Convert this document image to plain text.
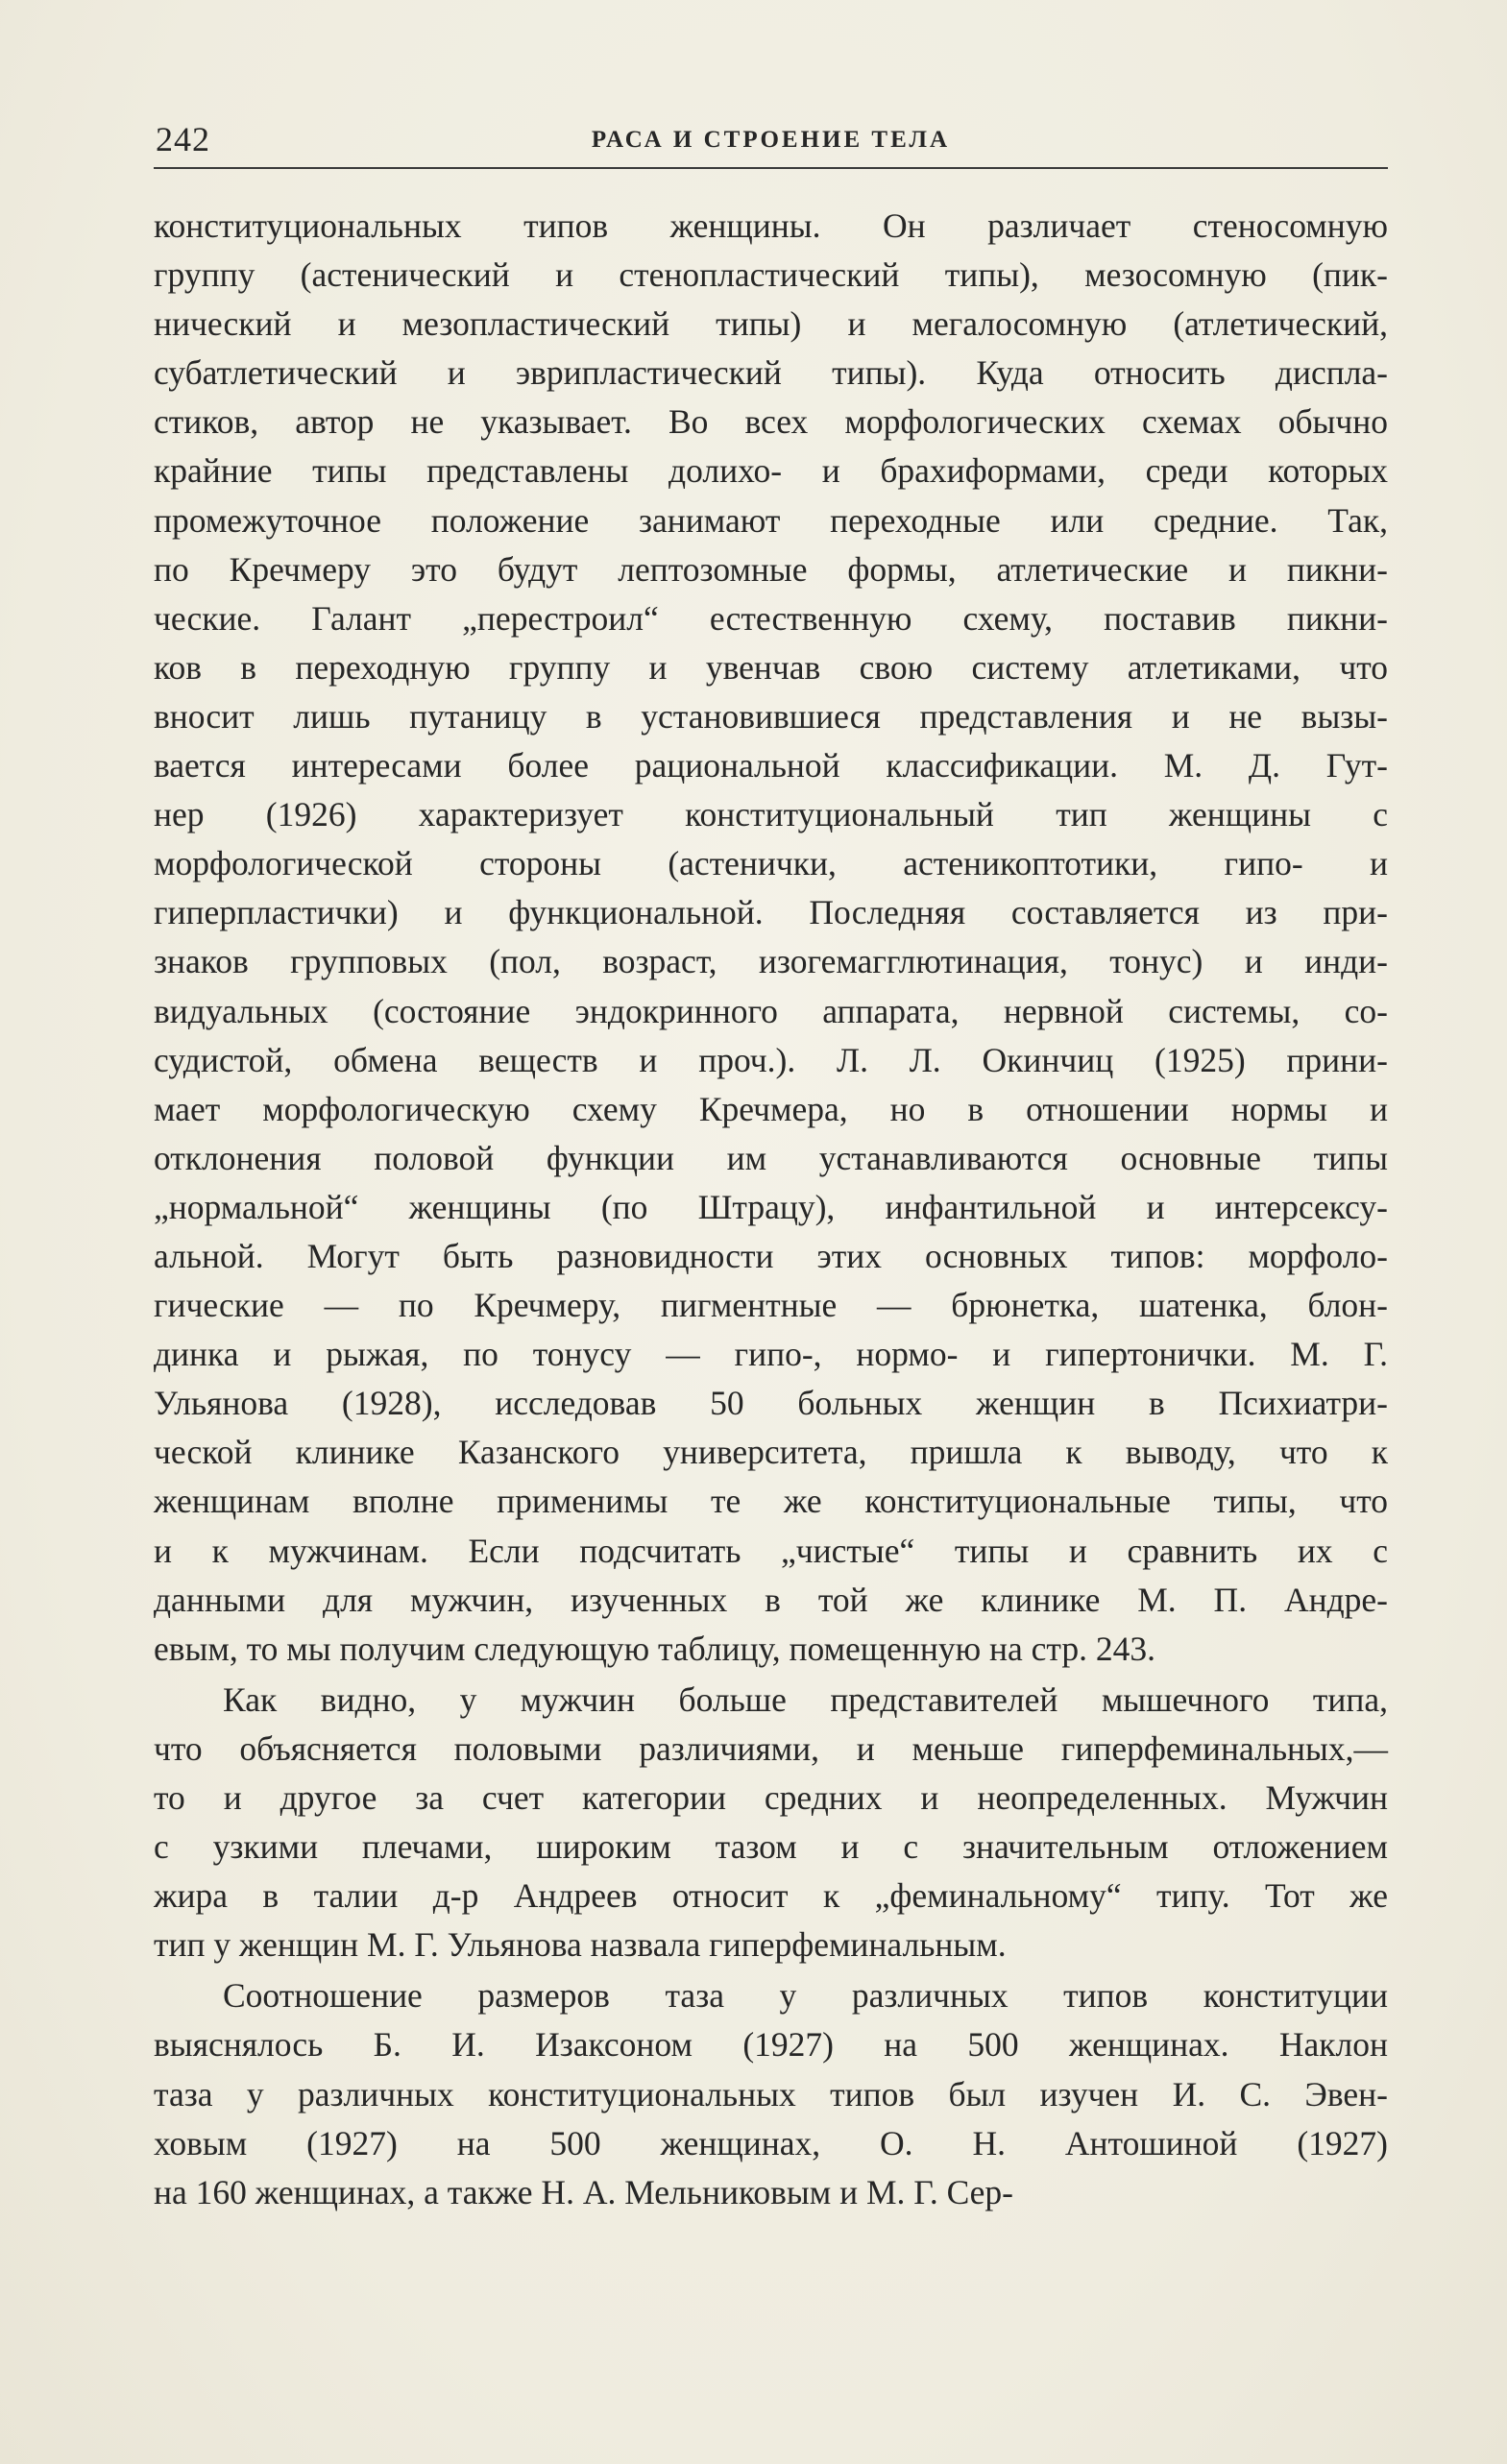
242	РАСА И СТРОЕНИЕ ТЕЛА
конституциональных типов женщины. Он различает стеносомную
группу (астенический и стенопластический типы), мезосомную (пик-
нический и мезопластический типы) и мегалосомную (атлетический,
субатлетический и эврипластический типы). Куда относить диспла-
стиков, автор не указывает. Во всех морфологических схемах обычно
крайние типы представлены долихо- и брахиформами, среди которых
промежуточное положение занимают переходные или средние. Так,
по Кречмеру это будут лептозомные формы, атлетические и пикни-
ческие. Галант „перестроил“ естественную схему, поставив пикни-
ков в переходную группу и увенчав свою систему атлетиками, что
вносит лишь путаницу в установившиеся представления и не вызы-
вается интересами более рациональной классификации. М. Д. Гут-
нер (1926) характеризует конституциональный тип женщины с
морфологической стороны (астенички, астеникоптотики, гипо- и
гиперпластички) и функциональной. Последняя составляется из при-
знаков групповых (пол, возраст, изогемагглютинация, тонус) и инди-
видуальных (состояние эндокринного аппарата, нервной системы, со-
судистой, обмена веществ и проч.). Л. Л. Окинчиц (1925) прини-
мает морфологическую схему Кречмера, но в отношении нормы и
отклонения половой функции им устанавливаются основные типы
„нормальной“ женщины (по Штрацу), инфантильной и интерсексу-
альной. Могут быть разновидности этих основных типов: морфоло-
гические — по Кречмеру, пигментные — брюнетка, шатенка, блон-
динка и рыжая, по тонусу — гипо-, нормо- и гипертонички. М. Г.
Ульянова (1928), исследовав 50 больных женщин в Психиатри-
ческой клинике Казанского университета, пришла к выводу, что к
женщинам вполне применимы те же конституциональные типы, что
и к мужчинам. Если подсчитать „чистые“ типы и сравнить их с
данными для мужчин, изученных в той же клинике М. П. Андре-
евым, то мы получим следующую таблицу, помещенную на стр. 243.
Как видно, у мужчин больше представителей мышечного типа,
что объясняется половыми различиями, и меньше гиперфеминальных,—
то и другое за счет категории средних и неопределенных. Мужчин
с узкими плечами, широким тазом и с значительным отложением
жира в талии д-р Андреев относит к „феминальному“ типу. Тот же
тип у женщин М. Г. Ульянова назвала гиперфеминальным.
Соотношение размеров таза у различных типов конституции
выяснялось Б. И. Изаксоном (1927) на 500 женщинах. Наклон
таза у различных конституциональных типов был изучен И. С. Эвен-
ховым (1927) на 500 женщинах, О. Н. Антошиной (1927)
на 160 женщинах, а также Н. А. Мельниковым и М. Г. Сер-
